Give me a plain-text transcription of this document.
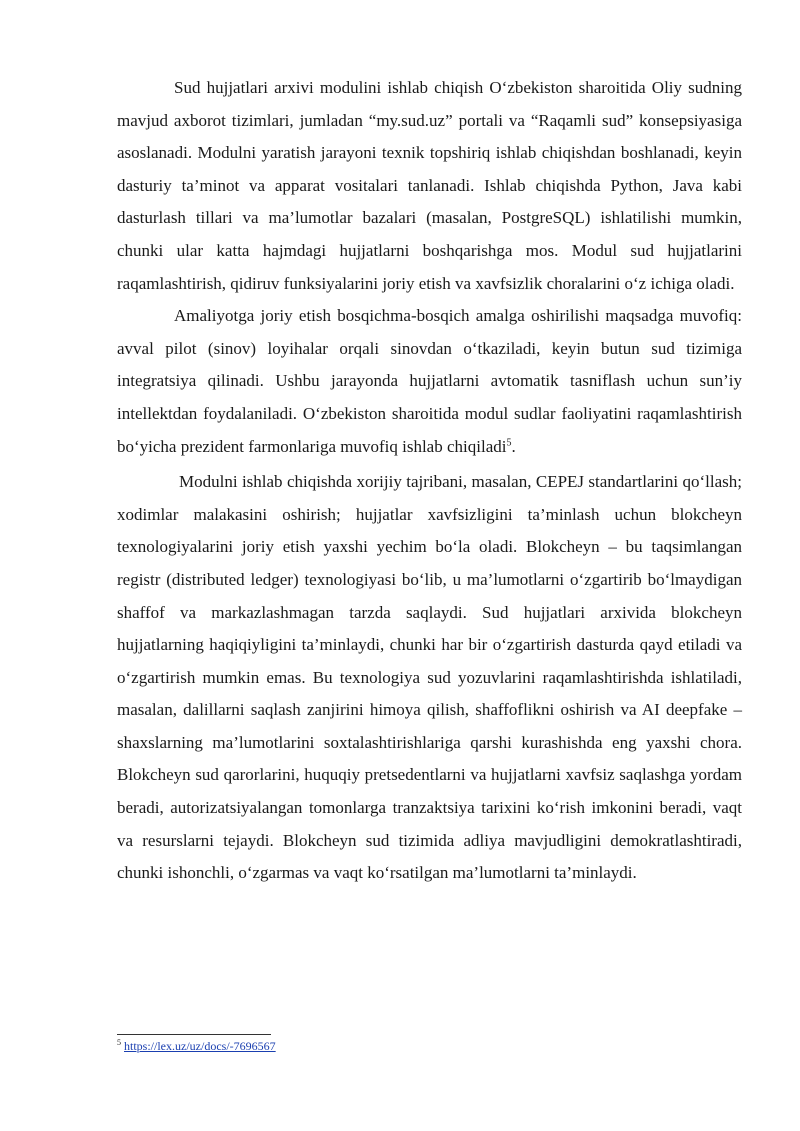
Sud hujjatlari arxivi modulini ishlab chiqish O‘zbekiston sharoitida Oliy sudning mavjud axborot tizimlari, jumladan “my.sud.uz” portali va “Raqamli sud” konsepsiyasiga asoslanadi. Modulni yaratish jarayoni texnik topshiriq ishlab chiqishdan boshlanadi, keyin dasturiy ta’minot va apparat vositalari tanlanadi. Ishlab chiqishda Python, Java kabi dasturlash tillari va ma’lumotlar bazalari (masalan, PostgreSQL) ishlatilishi mumkin, chunki ular katta hajmdagi hujjatlarni boshqarishga mos. Modul sud hujjatlarini raqamlashtirish, qidiruv funksiyalarini joriy etish va xavfsizlik choralarini o‘z ichiga oladi.

Amaliyotga joriy etish bosqichma-bosqich amalga oshirilishi maqsadga muvofiq: avval pilot (sinov) loyihalar orqali sinovdan o‘tkaziladi, keyin butun sud tizimiga integratsiya qilinadi. Ushbu jarayonda hujjatlarni avtomatik tasniflash uchun sun’iy intellektdan foydalaniladi. O‘zbekiston sharoitida modul sudlar faoliyatini raqamlashtirish bo‘yicha prezident farmonlariga muvofiq ishlab chiqiladi$^5$.

Modulni ishlab chiqishda xorijiy tajribani, masalan, CEPEJ standartlarini qo‘llash; xodimlar malakasini oshirish; hujjatlar xavfsizligini ta’minlash uchun blokcheyn texnologiyalarini joriy etish yaxshi yechim bo‘la oladi. Blokcheyn – bu taqsimlangan registr (distributed ledger) texnologiyasi bo‘lib, u ma’lumotlarni o‘zgartirib bo‘lmaydigan shaffof va markazlashmagan tarzda saqlaydi. Sud hujjatlari arxivida blokcheyn hujjatlarning haqiqiyligini ta’minlaydi, chunki har bir o‘zgartirish dasturda qayd etiladi va o‘zgartirish mumkin emas. Bu texnologiya sud yozuvlarini raqamlashtirishda ishlatiladi, masalan, dalillarni saqlash zanjirini himoya qilish, shaffoflikni oshirish va AI deepfake – shaxslarning ma’lumotlarini soxtalashtirishlariga qarshi kurashishda eng yaxshi chora. Blokcheyn sud qarorlarini, huquqiy pretsedentlarni va hujjatlarni xavfsiz saqlashga yordam beradi, autorizatsiyalangan tomonlarga tranzaktsiya tarixini ko‘rish imkonini beradi, vaqt va resurslarni tejaydi. Blokcheyn sud tizimida adliya mavjudligini demokratlashtiradi, chunki ishonchli, o‘zgarmas va vaqt ko‘rsatilgan ma’lumotlarni ta’minlaydi.

$^5$ https://lex.uz/uz/docs/-7696567
